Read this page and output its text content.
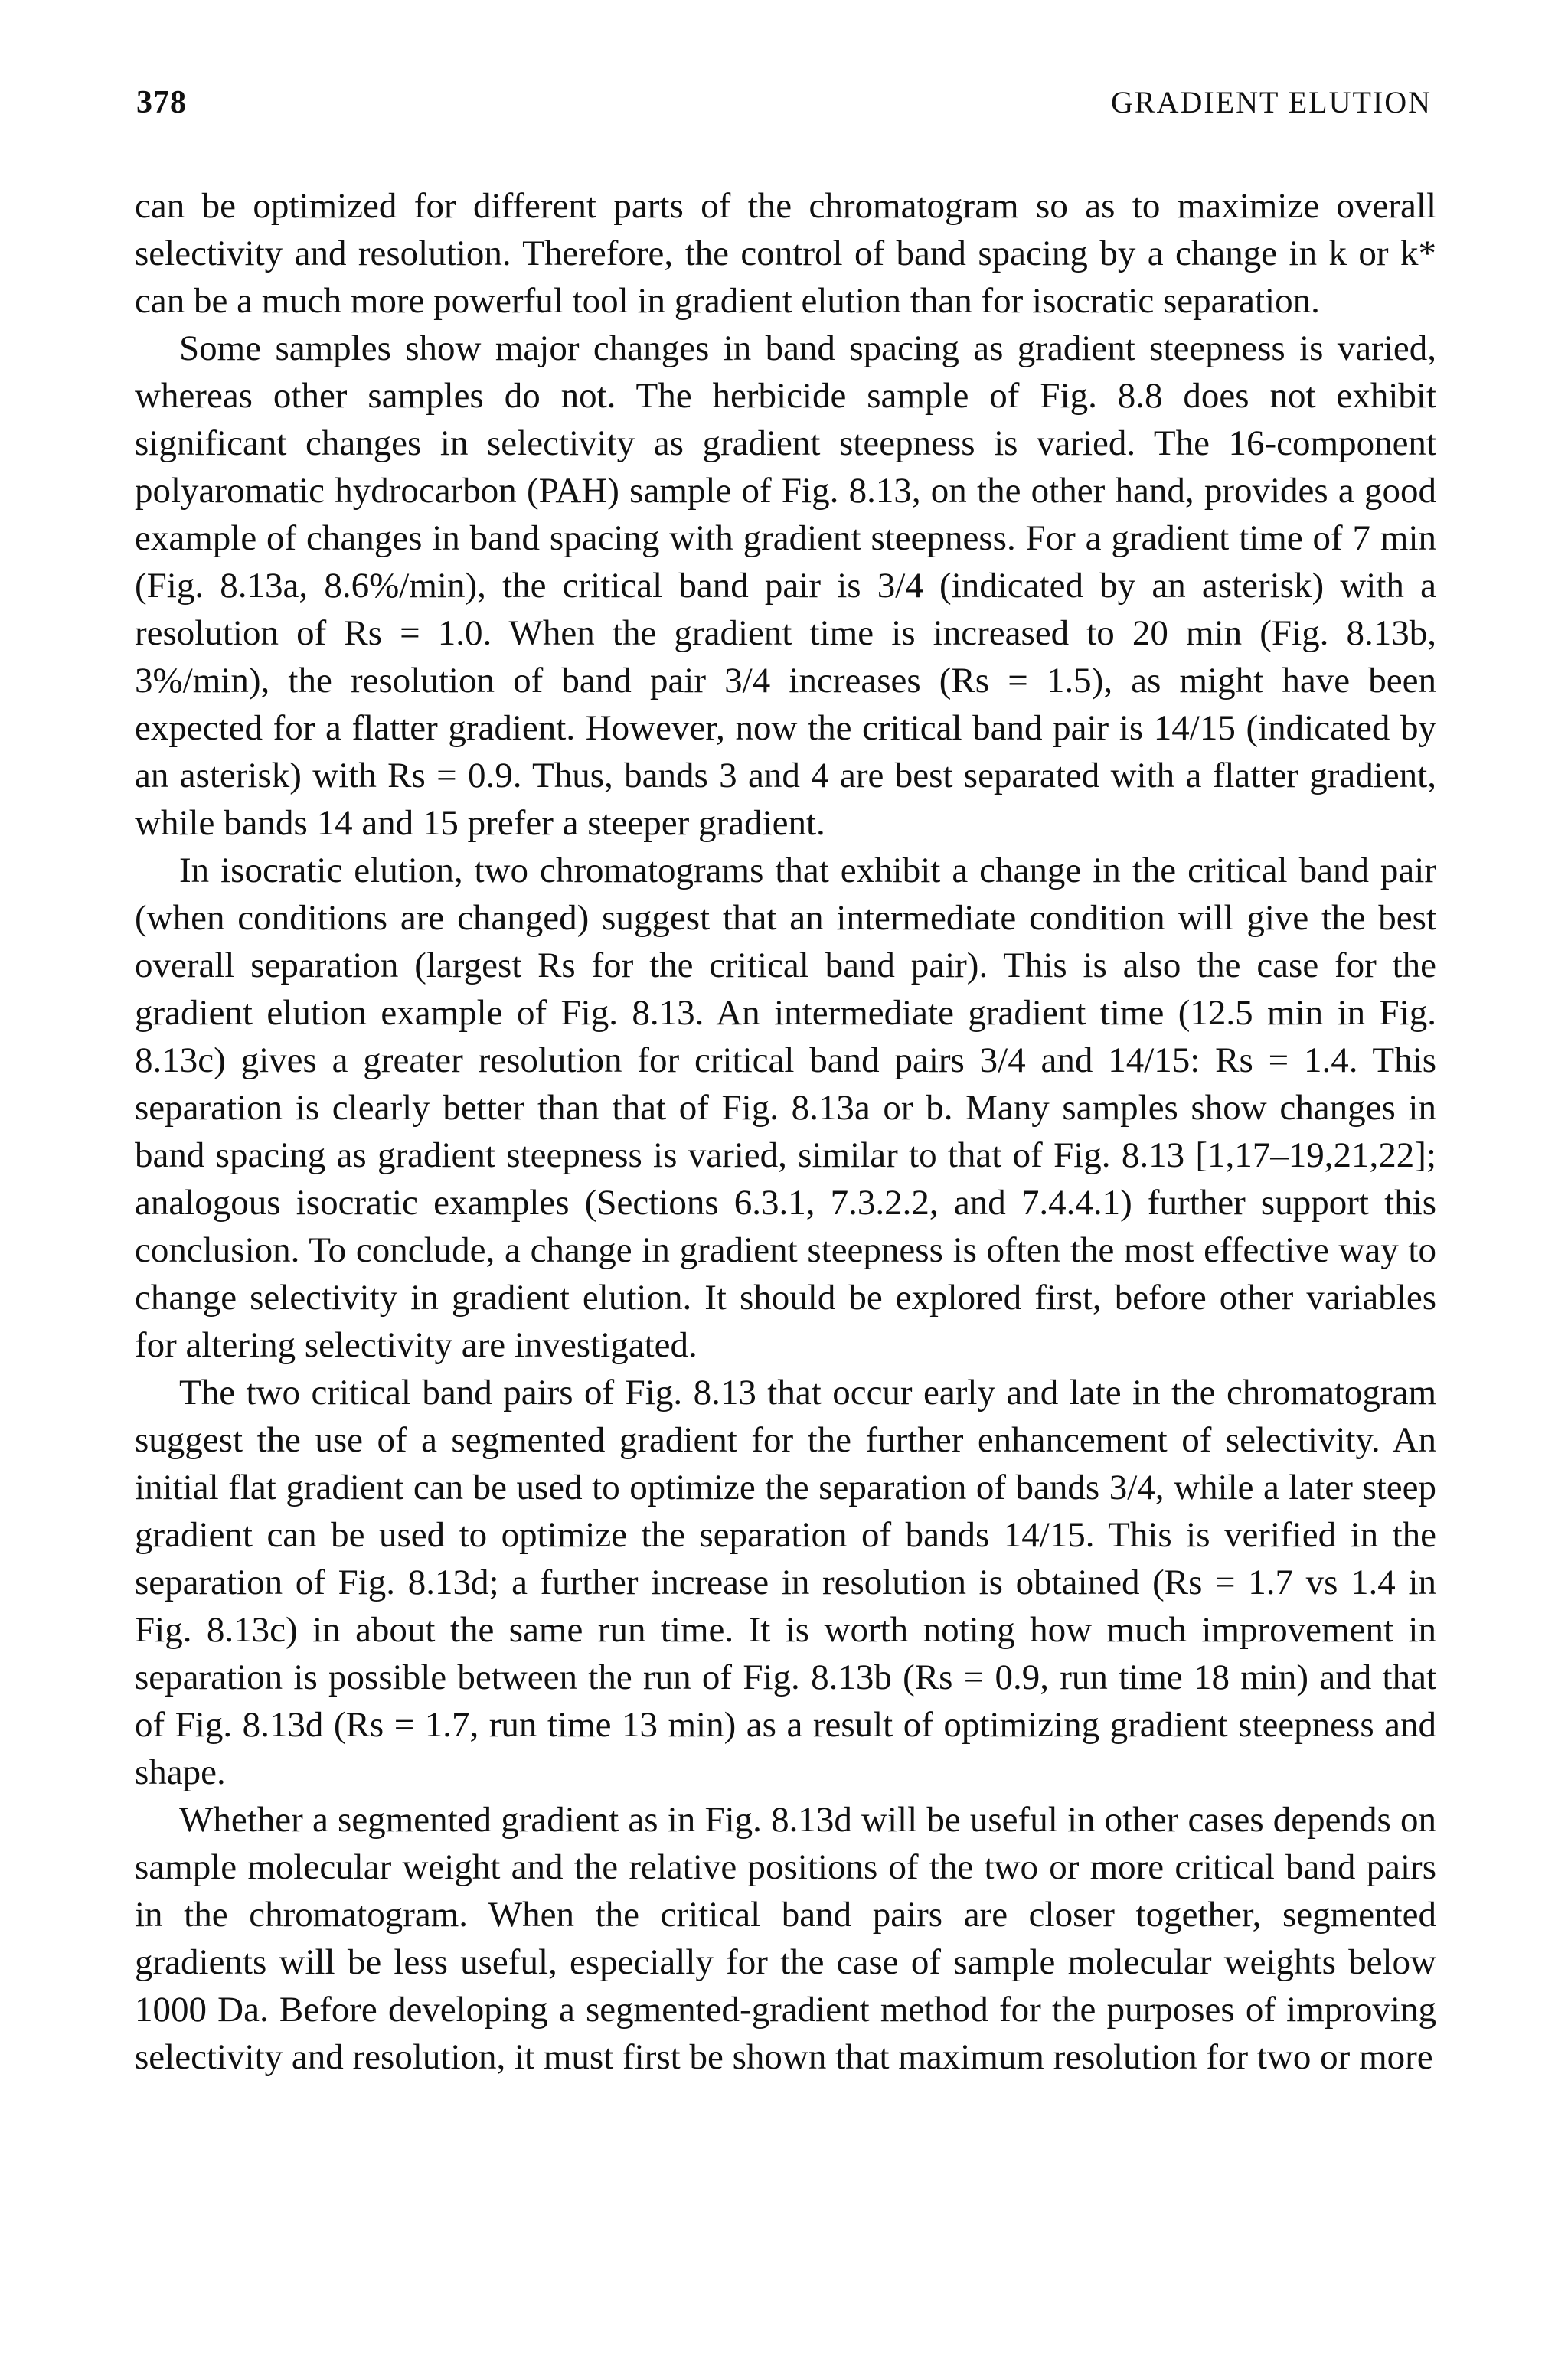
378	GRADIENT ELUTION

can be optimized for different parts of the chromatogram so as to maximize overall selectivity and resolution. Therefore, the control of band spacing by a change in k or k* can be a much more powerful tool in gradient elution than for isocratic separation.

Some samples show major changes in band spacing as gradient steepness is varied, whereas other samples do not. The herbicide sample of Fig. 8.8 does not exhibit significant changes in selectivity as gradient steepness is varied. The 16-component polyaromatic hydrocarbon (PAH) sample of Fig. 8.13, on the other hand, provides a good example of changes in band spacing with gradient steepness. For a gradient time of 7 min (Fig. 8.13a, 8.6%/min), the critical band pair is 3/4 (indicated by an asterisk) with a resolution of Rs = 1.0. When the gradient time is increased to 20 min (Fig. 8.13b, 3%/min), the resolution of band pair 3/4 increases (Rs = 1.5), as might have been expected for a flatter gradient. However, now the critical band pair is 14/15 (indicated by an asterisk) with Rs = 0.9. Thus, bands 3 and 4 are best separated with a flatter gradient, while bands 14 and 15 prefer a steeper gradient.

In isocratic elution, two chromatograms that exhibit a change in the critical band pair (when conditions are changed) suggest that an intermediate condition will give the best overall separation (largest Rs for the critical band pair). This is also the case for the gradient elution example of Fig. 8.13. An intermediate gradient time (12.5 min in Fig. 8.13c) gives a greater resolution for critical band pairs 3/4 and 14/15: Rs = 1.4. This separation is clearly better than that of Fig. 8.13a or b. Many samples show changes in band spacing as gradient steepness is varied, similar to that of Fig. 8.13 [1,17–19,21,22]; analogous isocratic examples (Sections 6.3.1, 7.3.2.2, and 7.4.4.1) further support this conclusion. To conclude, a change in gradient steepness is often the most effective way to change selectivity in gradient elution. It should be explored first, before other variables for altering selectivity are investigated.

The two critical band pairs of Fig. 8.13 that occur early and late in the chromatogram suggest the use of a segmented gradient for the further enhancement of selectivity. An initial flat gradient can be used to optimize the separation of bands 3/4, while a later steep gradient can be used to optimize the separation of bands 14/15. This is verified in the separation of Fig. 8.13d; a further increase in resolution is obtained (Rs = 1.7 vs 1.4 in Fig. 8.13c) in about the same run time. It is worth noting how much improvement in separation is possible between the run of Fig. 8.13b (Rs = 0.9, run time 18 min) and that of Fig. 8.13d (Rs = 1.7, run time 13 min) as a result of optimizing gradient steepness and shape.

Whether a segmented gradient as in Fig. 8.13d will be useful in other cases depends on sample molecular weight and the relative positions of the two or more critical band pairs in the chromatogram. When the critical band pairs are closer together, segmented gradients will be less useful, especially for the case of sample molecular weights below 1000 Da. Before developing a segmented-gradient method for the purposes of improving selectivity and resolution, it must first be shown that maximum resolution for two or more
